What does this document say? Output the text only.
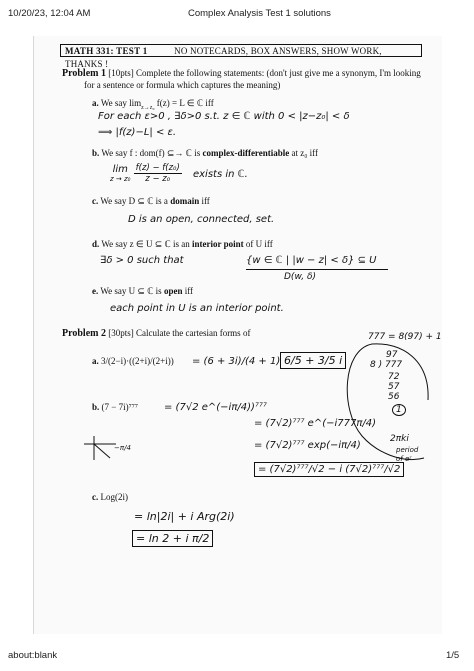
10/20/23, 12:04 AM	Complex Analysis Test 1 solutions
MATH 331: TEST 1	NO NOTECARDS, BOX ANSWERS, SHOW WORK, THANKS !
Problem 1 [10pts] Complete the following statements: (don't just give me a synonym, I'm looking
for a sentence or formula which captures the meaning)
a. We say $\lim_{z\to z_0} f(z) = L$ ∈ ℂ iff
For each ε>0 , ∃δ>0 s.t. z ∈ ℂ with 0 < |z−z₀| < δ
⟹ |f(z)−L| < ε.
b. We say f : dom(f) ⊆→ ℂ is complex-differentiable at z₀ iff
lim
z → z₀
$\frac{\text{f(z) − f(z₀)}}{\text{z − z₀}}$ exists in ℂ.
c. We say D ⊆ ℂ is a domain iff
D is an open, connected, set.
d. We say z ∈ U ⊆ ℂ is an interior point of U iff
∃δ > 0 such that	{w ∈ ℂ | |w − z| < δ} ⊆ U
D(w, δ)
e. We say U ⊆ ℂ is open iff
each point in U is an interior point.
Problem 2 [30pts] Calculate the cartesian forms of	777 = 8(97) + 1
97
8 ) 777
72
57
56
1
2πki
period
of eᶻ
a. 3/(2−i)·((2+i)/(2+i)) = (6 + 3i)/(4 + 1) 6/5 + 3/5 i
b. (7 − 7i)⁷⁷⁷	= (7√2 e^(−iπ/4))⁷⁷⁷
= (7√2)⁷⁷⁷ e^(−i777π/4)
−π/4	= (7√2)⁷⁷⁷ exp(−iπ/4)
= (7√2)⁷⁷⁷/√2 − i (7√2)⁷⁷⁷/√2
c. Log(2i)
= ln|2i| + i Arg(2i)
= ln 2 + i π/2
about:blank	1/5
